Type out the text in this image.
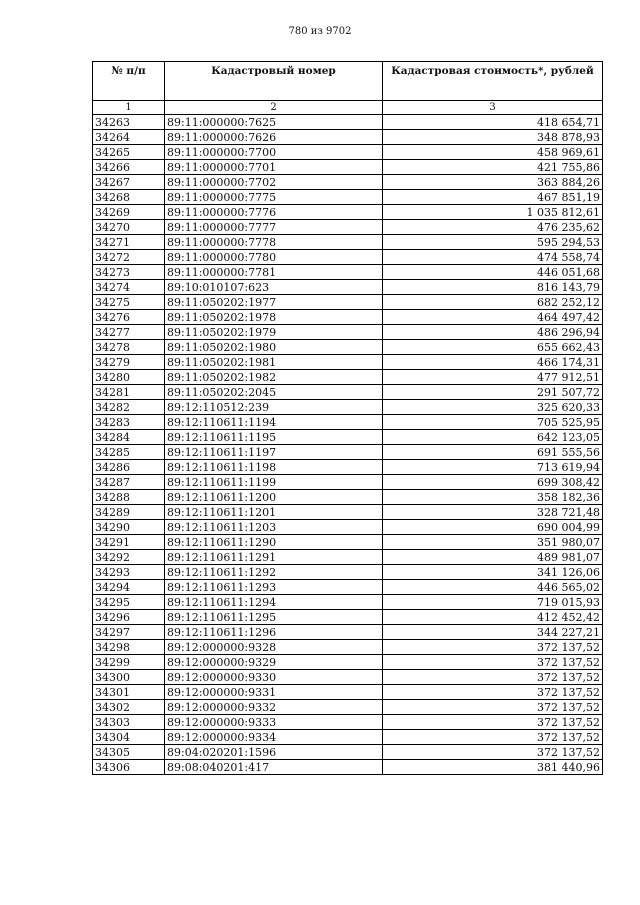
780 из 9702
№ п/п	Кадастровый номер	Кадастровая стоимость*, рублей
1	2	3
34263	89:11:000000:7625	418 654,71
34264	89:11:000000:7626	348 878,93
34265	89:11:000000:7700	458 969,61
34266	89:11:000000:7701	421 755,86
34267	89:11:000000:7702	363 884,26
34268	89:11:000000:7775	467 851,19
34269	89:11:000000:7776	1 035 812,61
34270	89:11:000000:7777	476 235,62
34271	89:11:000000:7778	595 294,53
34272	89:11:000000:7780	474 558,74
34273	89:11:000000:7781	446 051,68
34274	89:10:010107:623	816 143,79
34275	89:11:050202:1977	682 252,12
34276	89:11:050202:1978	464 497,42
34277	89:11:050202:1979	486 296,94
34278	89:11:050202:1980	655 662,43
34279	89:11:050202:1981	466 174,31
34280	89:11:050202:1982	477 912,51
34281	89:11:050202:2045	291 507,72
34282	89:12:110512:239	325 620,33
34283	89:12:110611:1194	705 525,95
34284	89:12:110611:1195	642 123,05
34285	89:12:110611:1197	691 555,56
34286	89:12:110611:1198	713 619,94
34287	89:12:110611:1199	699 308,42
34288	89:12:110611:1200	358 182,36
34289	89:12:110611:1201	328 721,48
34290	89:12:110611:1203	690 004,99
34291	89:12:110611:1290	351 980,07
34292	89:12:110611:1291	489 981,07
34293	89:12:110611:1292	341 126,06
34294	89:12:110611:1293	446 565,02
34295	89:12:110611:1294	719 015,93
34296	89:12:110611:1295	412 452,42
34297	89:12:110611:1296	344 227,21
34298	89:12:000000:9328	372 137,52
34299	89:12:000000:9329	372 137,52
34300	89:12:000000:9330	372 137,52
34301	89:12:000000:9331	372 137,52
34302	89:12:000000:9332	372 137,52
34303	89:12:000000:9333	372 137,52
34304	89:12:000000:9334	372 137,52
34305	89:04:020201:1596	372 137,52
34306	89:08:040201:417	381 440,96
